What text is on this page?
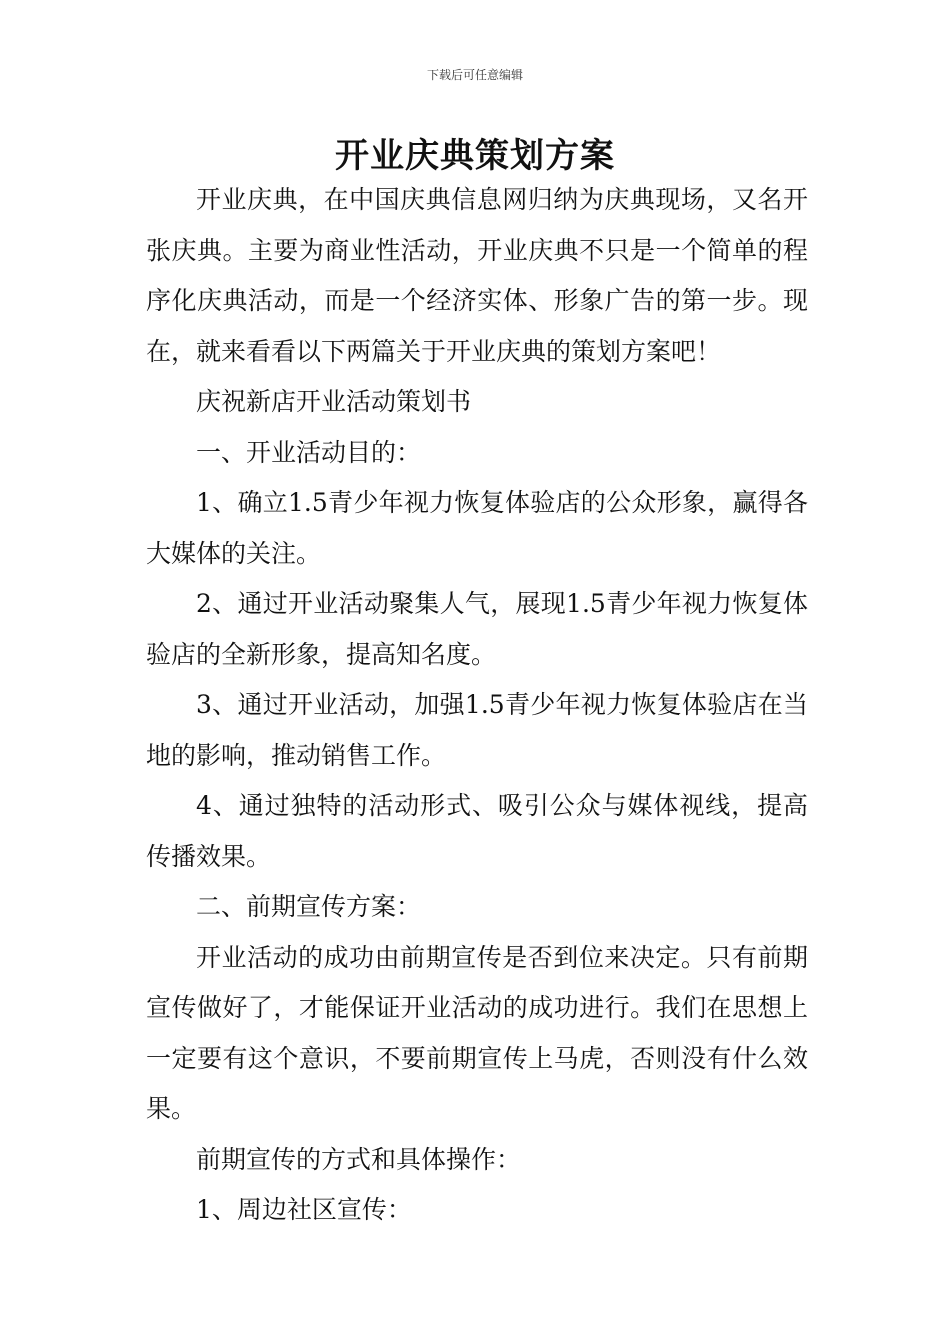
下载后可任意编辑
开业庆典策划方案

开业庆典，在中国庆典信息网归纳为庆典现场，又名开张庆典。主要为商业性活动，开业庆典不只是一个简单的程序化庆典活动，而是一个经济实体、形象广告的第一步。现在，就来看看以下两篇关于开业庆典的策划方案吧！

庆祝新店开业活动策划书

一、开业活动目的：

1、确立1.5青少年视力恢复体验店的公众形象，赢得各大媒体的关注。

2、通过开业活动聚集人气，展现1.5青少年视力恢复体验店的全新形象，提高知名度。

3、通过开业活动，加强1.5青少年视力恢复体验店在当地的影响，推动销售工作。

4、通过独特的活动形式、吸引公众与媒体视线，提高传播效果。

二、前期宣传方案：

开业活动的成功由前期宣传是否到位来决定。只有前期宣传做好了，才能保证开业活动的成功进行。我们在思想上一定要有这个意识，不要前期宣传上马虎，否则没有什么效果。

前期宣传的方式和具体操作：

1、周边社区宣传：
